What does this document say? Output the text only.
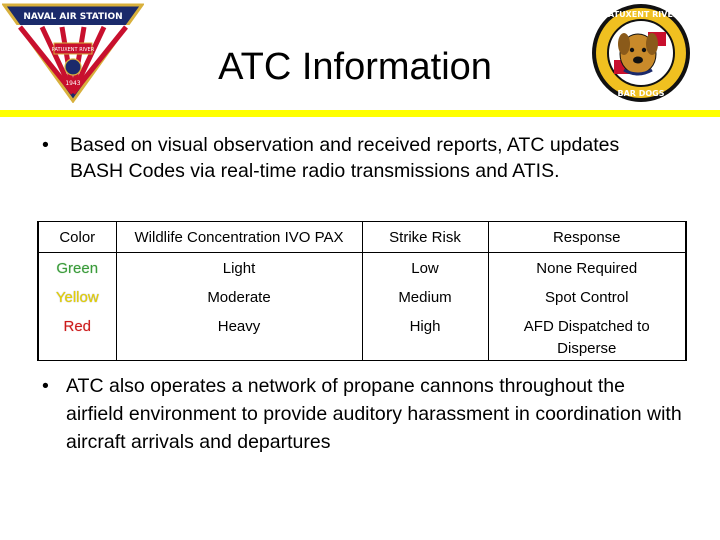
PATUXENT RIVER
NAVAL AIR STATION
1943	ATC Information
PATUXENT RIVER
BAR DOGS
• Based on visual observation and received reports, ATC updates BASH Codes via real-time radio transmissions and ATIS.
Color	Wildlife Concentration IVO PAX	Strike Risk	Response
Green	Light	Low	None Required
Yellow	Moderate	Medium	Spot Control
Red	Heavy	High	AFD Dispatched to Disperse
• ATC also operates a network of propane cannons throughout the airfield environment to provide auditory harassment in coordination with aircraft arrivals and departures
